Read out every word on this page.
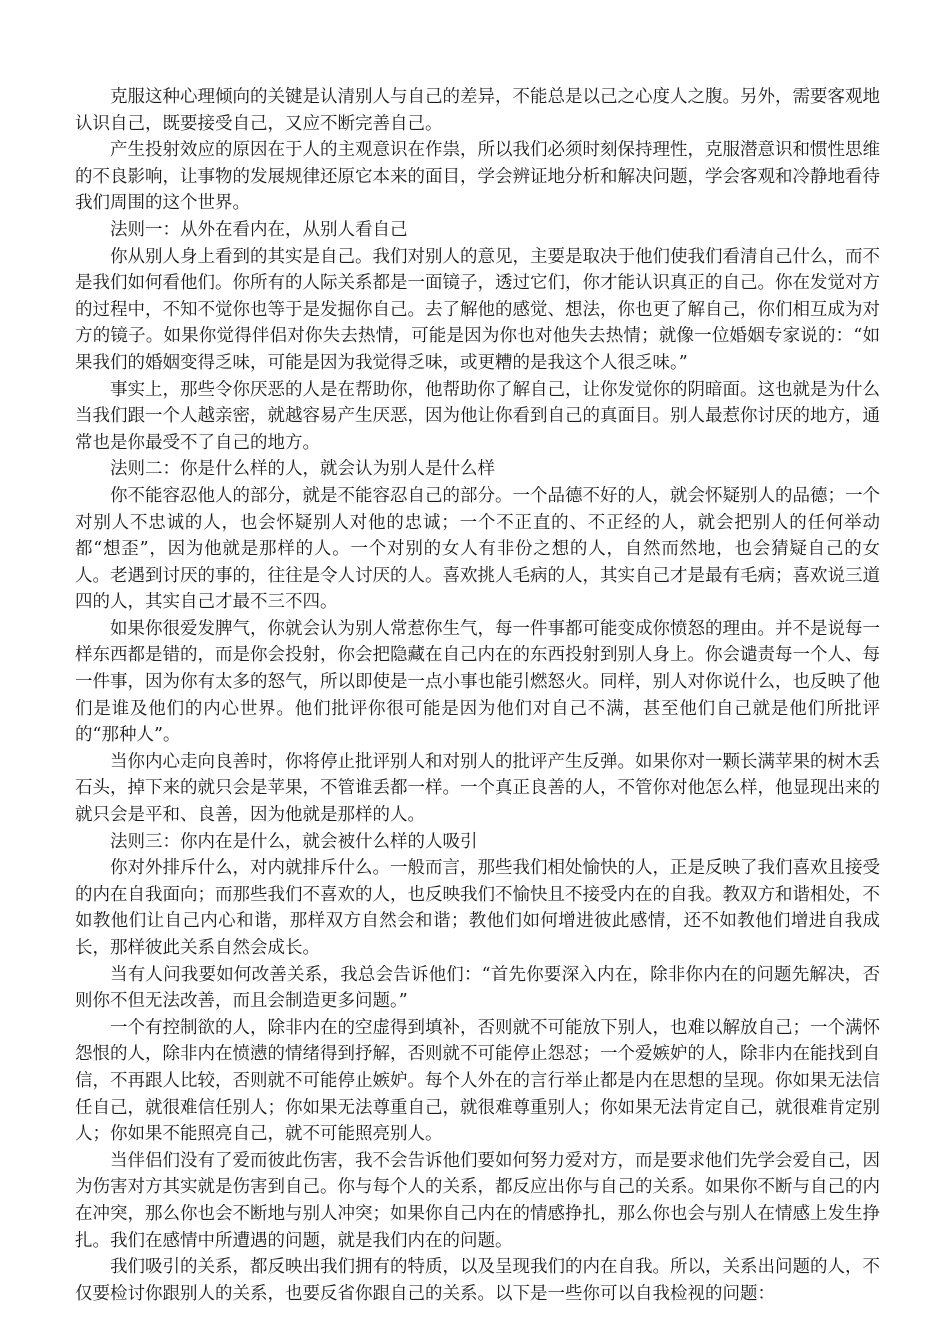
克服这种心理倾向的关键是认清别人与自己的差异，不能总是以己之心度人之腹。另外，需要客观地认识自己，既要接受自己，又应不断完善自己。

产生投射效应的原因在于人的主观意识在作祟，所以我们必须时刻保持理性，克服潜意识和惯性思维的不良影响，让事物的发展规律还原它本来的面目，学会辨证地分析和解决问题，学会客观和冷静地看待我们周围的这个世界。

法则一：从外在看内在，从别人看自己

你从别人身上看到的其实是自己。我们对别人的意见，主要是取决于他们使我们看清自己什么，而不是我们如何看他们。你所有的人际关系都是一面镜子，透过它们，你才能认识真正的自己。你在发觉对方的过程中，不知不觉你也等于是发掘你自己。去了解他的感觉、想法，你也更了解自己，你们相互成为对方的镜子。如果你觉得伴侣对你失去热情，可能是因为你也对他失去热情；就像一位婚姻专家说的：“如果我们的婚姻变得乏味，可能是因为我觉得乏味，或更糟的是我这个人很乏味。”

事实上，那些令你厌恶的人是在帮助你，他帮助你了解自己，让你发觉你的阴暗面。这也就是为什么当我们跟一个人越亲密，就越容易产生厌恶，因为他让你看到自己的真面目。别人最惹你讨厌的地方，通常也是你最受不了自己的地方。

法则二：你是什么样的人，就会认为别人是什么样

你不能容忍他人的部分，就是不能容忍自己的部分。一个品德不好的人，就会怀疑别人的品德；一个对别人不忠诚的人，也会怀疑别人对他的忠诚；一个不正直的、不正经的人，就会把别人的任何举动都“想歪”，因为他就是那样的人。一个对别的女人有非份之想的人，自然而然地，也会猜疑自己的女人。老遇到讨厌的事的，往往是令人讨厌的人。喜欢挑人毛病的人，其实自己才是最有毛病；喜欢说三道四的人，其实自己才最不三不四。

如果你很爱发脾气，你就会认为别人常惹你生气，每一件事都可能变成你愤怒的理由。并不是说每一样东西都是错的，而是你会投射，你会把隐藏在自己内在的东西投射到别人身上。你会谴责每一个人、每一件事，因为你有太多的怒气，所以即使是一点小事也能引燃怒火。同样，别人对你说什么，也反映了他们是谁及他们的内心世界。他们批评你很可能是因为他们对自己不满，甚至他们自己就是他们所批评的“那种人”。

当你内心走向良善时，你将停止批评别人和对别人的批评产生反弹。如果你对一颗长满苹果的树木丢石头，掉下来的就只会是苹果，不管谁丢都一样。一个真正良善的人，不管你对他怎么样，他显现出来的就只会是平和、良善，因为他就是那样的人。

法则三：你内在是什么，就会被什么样的人吸引

你对外排斥什么，对内就排斥什么。一般而言，那些我们相处愉快的人，正是反映了我们喜欢且接受的内在自我面向；而那些我们不喜欢的人，也反映我们不愉快且不接受内在的自我。教双方和谐相处，不如教他们让自己内心和谐，那样双方自然会和谐；教他们如何增进彼此感情，还不如教他们增进自我成长，那样彼此关系自然会成长。

当有人问我要如何改善关系，我总会告诉他们：“首先你要深入内在，除非你内在的问题先解决，否则你不但无法改善，而且会制造更多问题。”

一个有控制欲的人，除非内在的空虚得到填补，否则就不可能放下别人，也难以解放自己；一个满怀怨恨的人，除非内在愤懑的情绪得到抒解，否则就不可能停止怨怼；一个爱嫉妒的人，除非内在能找到自信，不再跟人比较，否则就不可能停止嫉妒。每个人外在的言行举止都是内在思想的呈现。你如果无法信任自己，就很难信任别人；你如果无法尊重自己，就很难尊重别人；你如果无法肯定自己，就很难肯定别人；你如果不能照亮自己，就不可能照亮别人。

当伴侣们没有了爱而彼此伤害，我不会告诉他们要如何努力爱对方，而是要求他们先学会爱自己，因为伤害对方其实就是伤害到自己。你与每个人的关系，都反应出你与自己的关系。如果你不断与自己的内在冲突，那么你也会不断地与别人冲突；如果你自己内在的情感挣扎，那么你也会与别人在情感上发生挣扎。我们在感情中所遭遇的问题，就是我们内在的问题。

我们吸引的关系，都反映出我们拥有的特质，以及呈现我们的内在自我。所以，关系出问题的人，不仅要检讨你跟别人的关系，也要反省你跟自己的关系。以下是一些你可以自我检视的问题：
